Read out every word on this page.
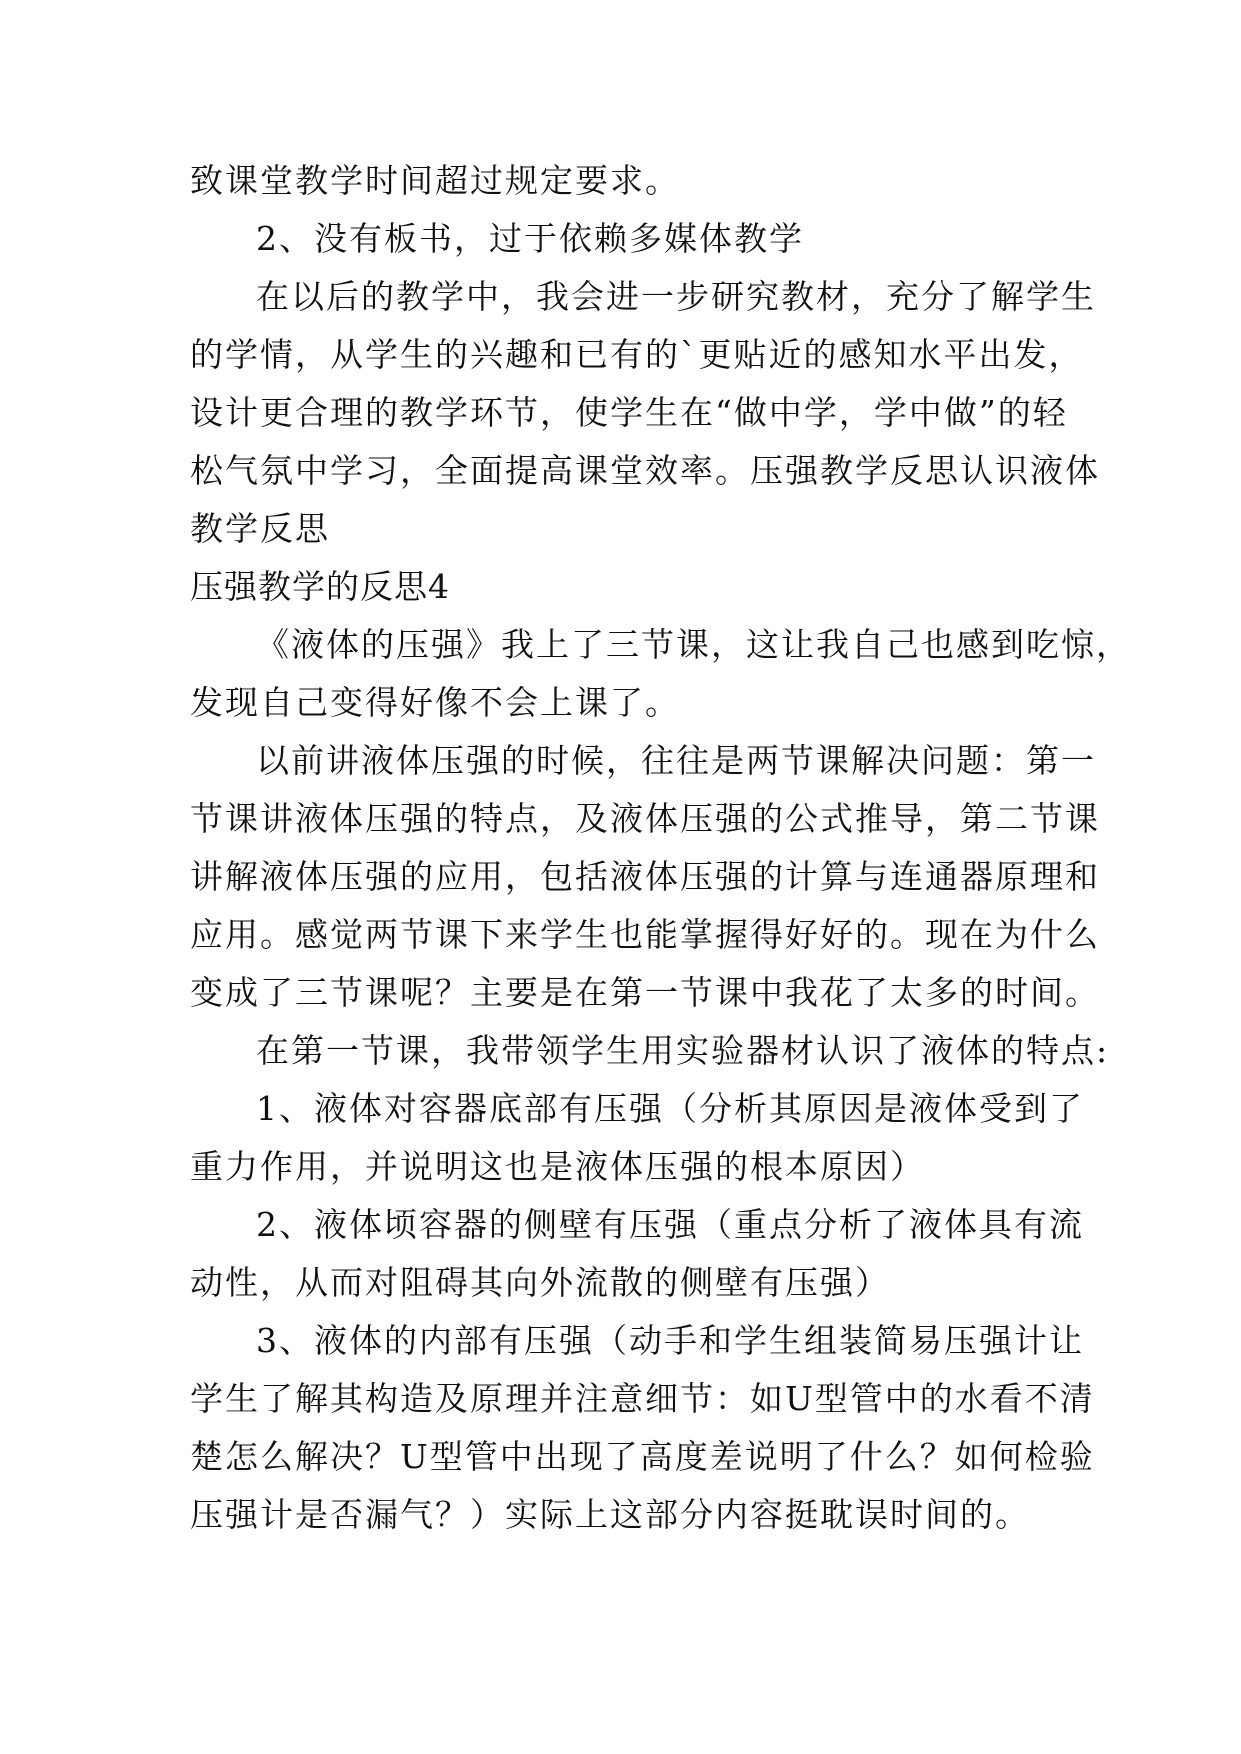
致课堂教学时间超过规定要求。
2、没有板书，过于依赖多媒体教学
在以后的教学中，我会进一步研究教材，充分了解学生
的学情，从学生的兴趣和已有的`更贴近的感知水平出发，
设计更合理的教学环节，使学生在“做中学，学中做”的轻
松气氛中学习，全面提高课堂效率。压强教学反思认识液体
教学反思
压强教学的反思4
《液体的压强》我上了三节课，这让我自己也感到吃惊，
发现自己变得好像不会上课了。
以前讲液体压强的时候，往往是两节课解决问题：第一
节课讲液体压强的特点，及液体压强的公式推导，第二节课
讲解液体压强的应用，包括液体压强的计算与连通器原理和
应用。感觉两节课下来学生也能掌握得好好的。现在为什么
变成了三节课呢？主要是在第一节课中我花了太多的时间。
在第一节课，我带领学生用实验器材认识了液体的特点:
1、液体对容器底部有压强（分析其原因是液体受到了
重力作用，并说明这也是液体压强的根本原因）
2、液体顷容器的侧壁有压强（重点分析了液体具有流
动性，从而对阻碍其向外流散的侧壁有压强）
3、液体的内部有压强（动手和学生组装简易压强计让
学生了解其构造及原理并注意细节：如U型管中的水看不清
楚怎么解决？U型管中出现了高度差说明了什么？如何检验
压强计是否漏气？）实际上这部分内容挺耽误时间的。
